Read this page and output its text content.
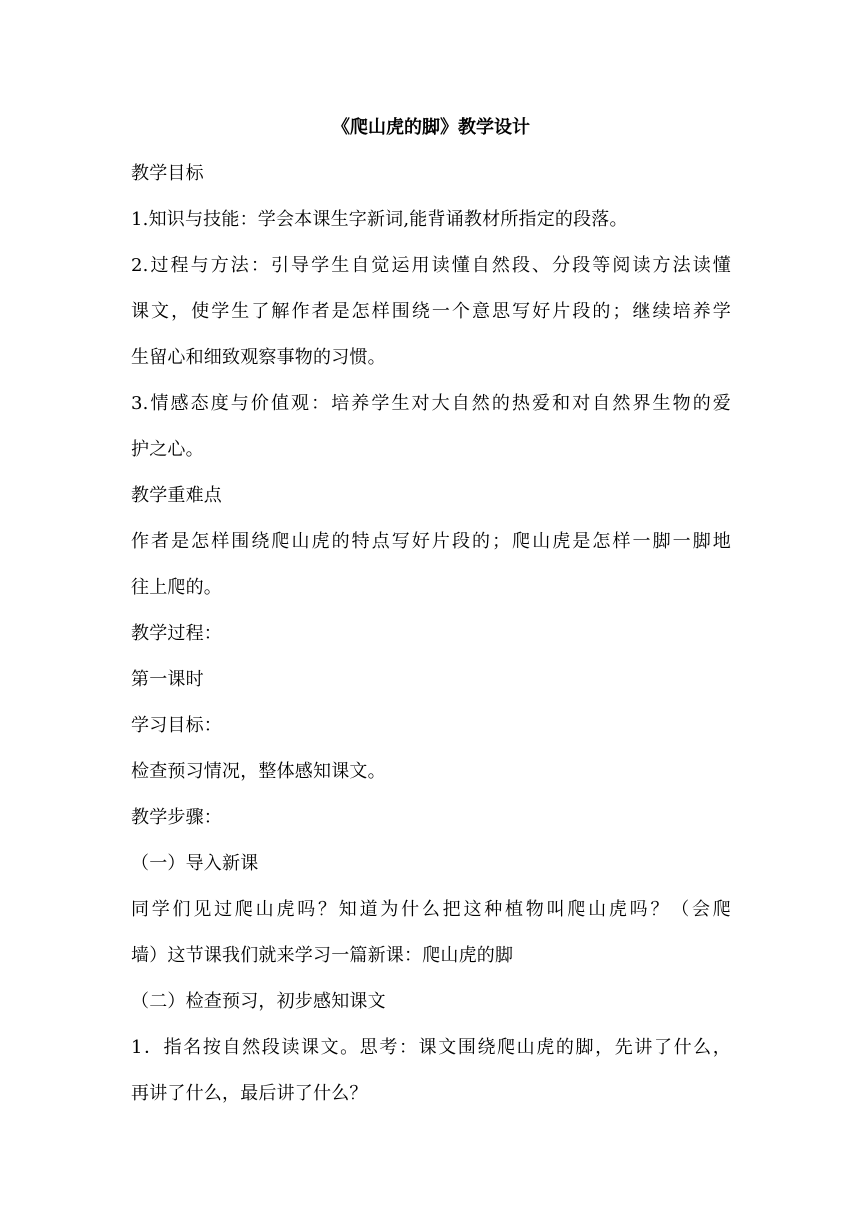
《爬山虎的脚》教学设计
教学目标
1.知识与技能：学会本课生字新词,能背诵教材所指定的段落。
2.过程与方法：引导学生自觉运用读懂自然段、分段等阅读方法读懂
课文，使学生了解作者是怎样围绕一个意思写好片段的；继续培养学
生留心和细致观察事物的习惯。
3.情感态度与价值观：培养学生对大自然的热爱和对自然界生物的爱
护之心。
教学重难点
作者是怎样围绕爬山虎的特点写好片段的；爬山虎是怎样一脚一脚地
往上爬的。
教学过程：
第一课时
学习目标：
检查预习情况，整体感知课文。
教学步骤：
（一）导入新课
同学们见过爬山虎吗？知道为什么把这种植物叫爬山虎吗？（会爬
墙）这节课我们就来学习一篇新课：爬山虎的脚
（二）检查预习，初步感知课文
1．指名按自然段读课文。思考：课文围绕爬山虎的脚，先讲了什么，
再讲了什么，最后讲了什么？
